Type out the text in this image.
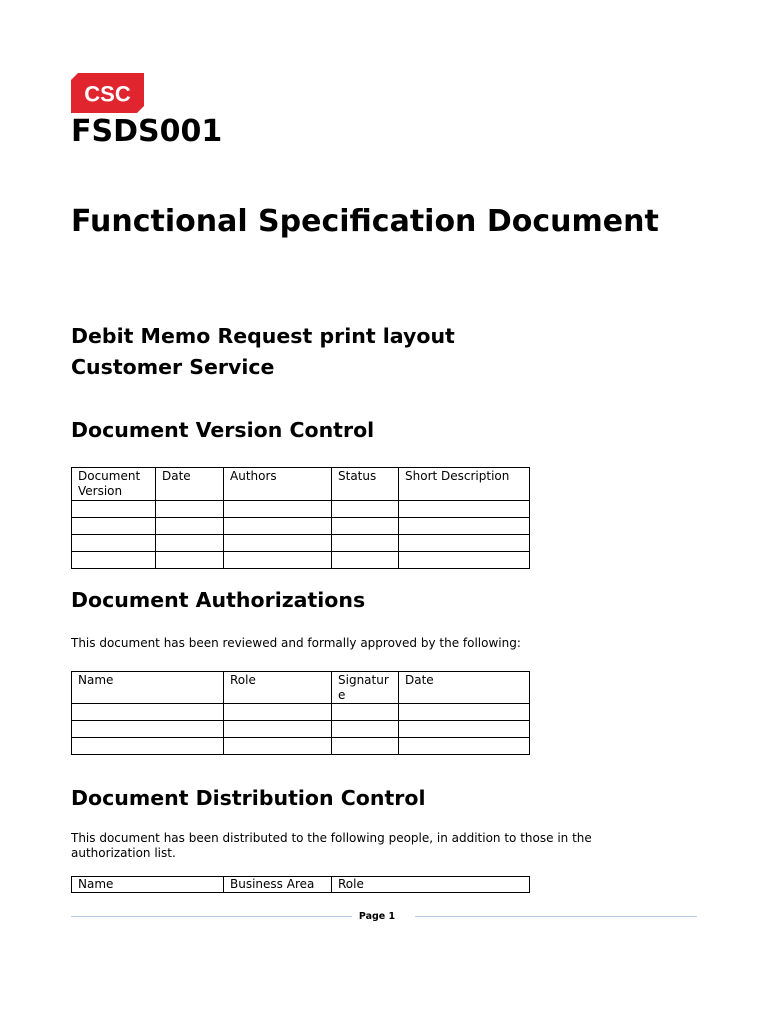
CSC
FSDS001
Functional Specification Document
Debit Memo Request print layout
Customer Service
Document Version Control
Document Version	Date	Authors	Status	Short Description

Document Authorizations

This document has been reviewed and formally approved by the following:

Name	Role	Signature	Date

Document Distribution Control

This document has been distributed to the following people, in addition to those in the authorization list.

Name	Business Area	Role
Page 1
